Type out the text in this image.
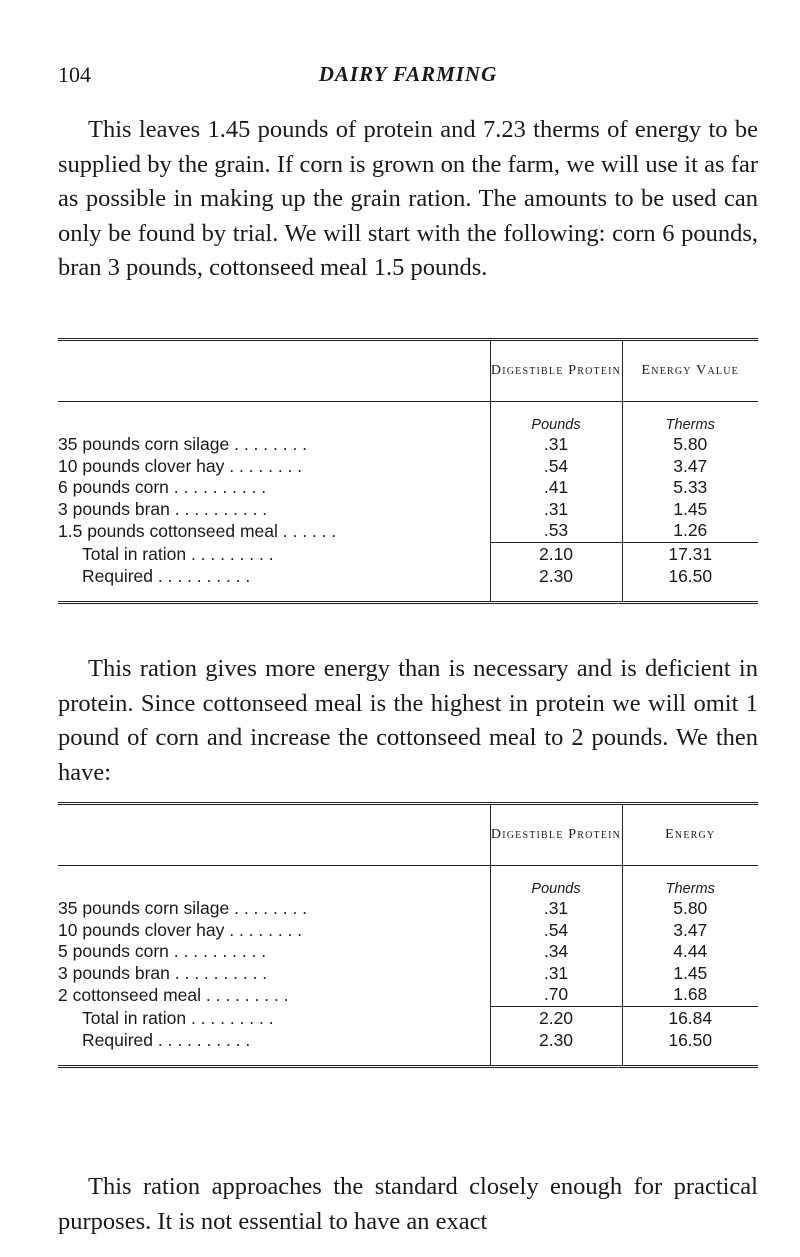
104	DAIRY FARMING

This leaves 1.45 pounds of protein and 7.23 therms of energy to be supplied by the grain. If corn is grown on the farm, we will use it as far as possible in making up the grain ration. The amounts to be used can only be found by trial. We will start with the following: corn 6 pounds, bran 3 pounds, cottonseed meal 1.5 pounds.

	Digestible Protein	Energy Value
	Pounds	Therms
35 pounds corn silage . . . . . . . .	.31	5.80
10 pounds clover hay . . . . . . . .	.54	3.47
6 pounds corn . . . . . . . . . .	.41	5.33
3 pounds bran . . . . . . . . . .	.31	1.45
1.5 pounds cottonseed meal . . . . . .	.53	1.26
Total in ration . . . . . . . . .	2.10	17.31
Required . . . . . . . . . .	2.30	16.50

This ration gives more energy than is necessary and is deficient in protein. Since cottonseed meal is the highest in protein we will omit 1 pound of corn and increase the cottonseed meal to 2 pounds. We then have:

	Digestible Protein	Energy
	Pounds	Therms
35 pounds corn silage . . . . . . . .	.31	5.80
10 pounds clover hay . . . . . . . .	.54	3.47
5 pounds corn . . . . . . . . . .	.34	4.44
3 pounds bran . . . . . . . . . .	.31	1.45
2 cottonseed meal . . . . . . . . .	.70	1.68
Total in ration . . . . . . . . .	2.20	16.84
Required . . . . . . . . . .	2.30	16.50

This ration approaches the standard closely enough for practical purposes. It is not essential to have an exact
